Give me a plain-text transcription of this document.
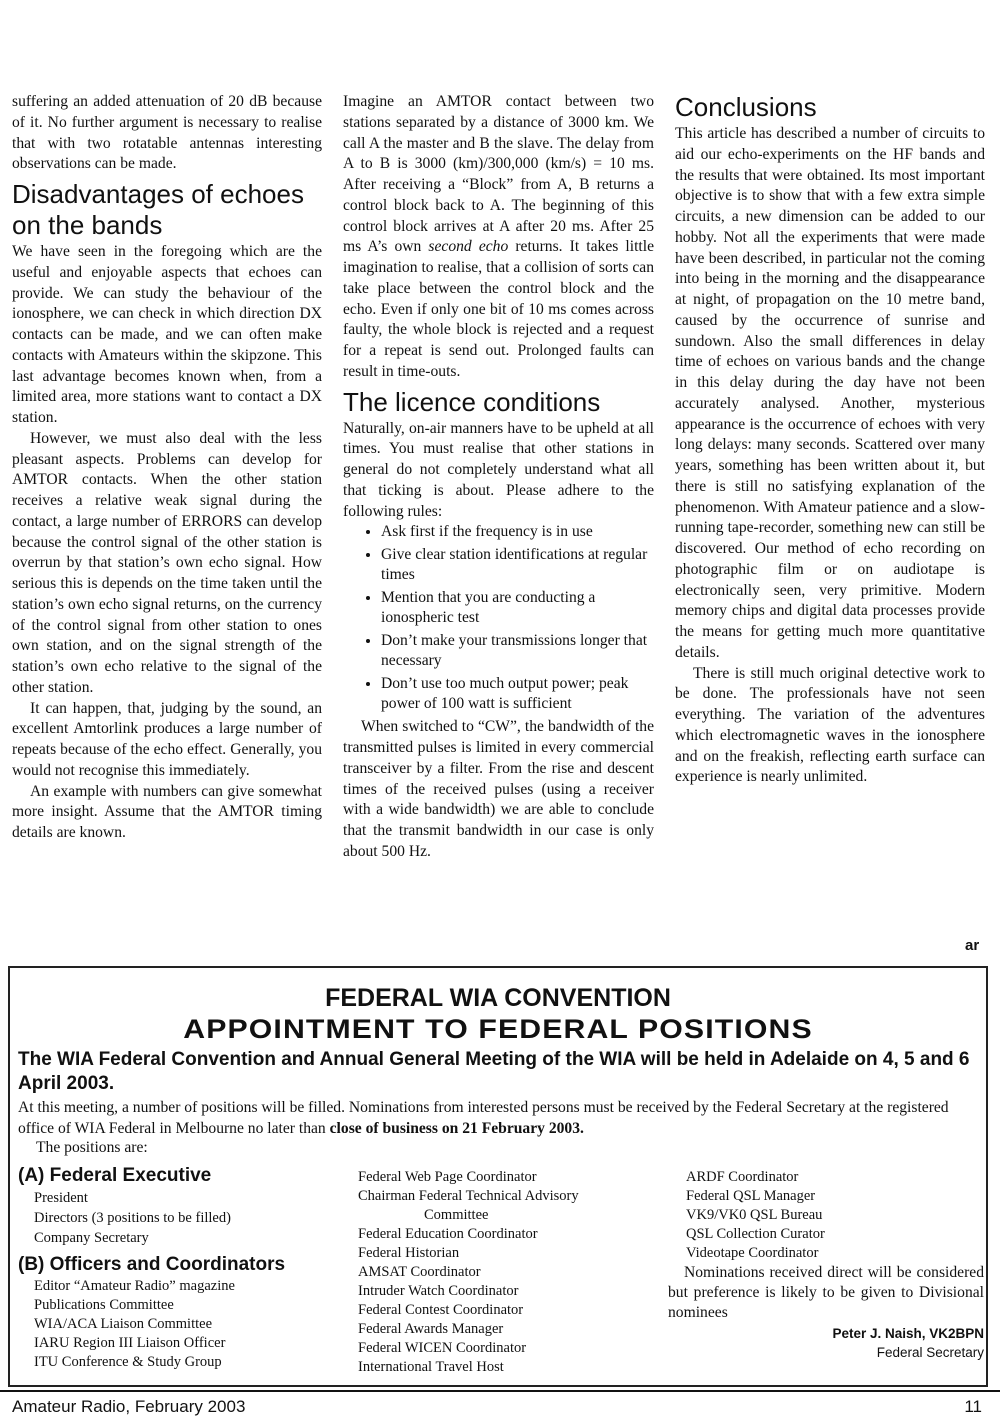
suffering an added attenuation of 20 dB because of it. No further argument is necessary to realise that with two rotatable antennas interesting observations can be made.

Disadvantages of echoes on the bands

We have seen in the foregoing which are the useful and enjoyable aspects that echoes can provide. We can study the behaviour of the ionosphere, we can check in which direction DX contacts can be made, and we can often make contacts with Amateurs within the skipzone. This last advantage becomes known when, from a limited area, more stations want to contact a DX station.

However, we must also deal with the less pleasant aspects. Problems can develop for AMTOR contacts. When the other station receives a relative weak signal during the contact, a large number of ERRORS can develop because the control signal of the other station is overrun by that station’s own echo signal. How serious this is depends on the time taken until the station’s own echo signal returns, on the currency of the control signal from other station to ones own station, and on the signal strength of the station’s own echo relative to the signal of the other station.

It can happen, that, judging by the sound, an excellent Amtorlink produces a large number of repeats because of the echo effect. Generally, you would not recognise this immediately.

An example with numbers can give somewhat more insight. Assume that the AMTOR timing details are known.

Imagine an AMTOR contact between two stations separated by a distance of 3000 km. We call A the master and B the slave. The delay from A to B is 3000 (km)/300,000 (km/s) = 10 ms. After receiving a “Block” from A, B returns a control block back to A. The beginning of this control block arrives at A after 20 ms. After 25 ms A’s own second echo returns. It takes little imagination to realise, that a collision of sorts can take place between the control block and the echo. Even if only one bit of 10 ms comes across faulty, the whole block is rejected and a request for a repeat is send out. Prolonged faults can result in time-outs.

The licence conditions

Naturally, on-air manners have to be upheld at all times. You must realise that other stations in general do not completely understand what all that ticking is about. Please adhere to the following rules:

• Ask first if the frequency is in use
• Give clear station identifications at regular times
• Mention that you are conducting a ionospheric test
• Don’t make your transmissions longer that necessary
• Don’t use too much output power; peak power of 100 watt is sufficient

When switched to “CW”, the bandwidth of the transmitted pulses is limited in every commercial transceiver by a filter. From the rise and descent times of the received pulses (using a receiver with a wide bandwidth) we are able to conclude that the transmit bandwidth in our case is only about 500 Hz.

Conclusions

This article has described a number of circuits to aid our echo-experiments on the HF bands and the results that were obtained. Its most important objective is to show that with a few extra simple circuits, a new dimension can be added to our hobby. Not all the experiments that were made have been described, in particular not the coming into being in the morning and the disappearance at night, of propagation on the 10 metre band, caused by the occurrence of sunrise and sundown. Also the small differences in delay time of echoes on various bands and the change in this delay during the day have not been accurately analysed. Another, mysterious appearance is the occurrence of echoes with very long delays: many seconds. Scattered over many years, something has been written about it, but there is still no satisfying explanation of the phenomenon. With Amateur patience and a slow-running tape-recorder, something new can still be discovered. Our method of echo recording on photographic film or on audiotape is electronically seen, very primitive. Modern memory chips and digital data processes provide the means for getting much more quantitative details.

There is still much original detective work to be done. The professionals have not seen everything. The variation of the adventures which electromagnetic waves in the ionosphere and on the freakish, reflecting earth surface can experience is nearly unlimited.

ar
FEDERAL WIA CONVENTION
APPOINTMENT TO FEDERAL POSITIONS
The WIA Federal Convention and Annual General Meeting of the WIA will be held in Adelaide on 4, 5 and 6 April 2003.
At this meeting, a number of positions will be filled. Nominations from interested persons must be received by the Federal Secretary at the registered office of WIA Federal in Melbourne no later than close of business on 21 February 2003.
The positions are:
(A) Federal Executive
President
Directors (3 positions to be filled)
Company Secretary
(B) Officers and Coordinators
Editor “Amateur Radio” magazine
Publications Committee
WIA/ACA Liaison Committee
IARU Region III Liaison Officer
ITU Conference & Study Group
Federal Web Page Coordinator
Chairman Federal Technical Advisory
Committee
Federal Education Coordinator
Federal Historian
AMSAT Coordinator
Intruder Watch Coordinator
Federal Contest Coordinator
Federal Awards Manager
Federal WICEN Coordinator
International Travel Host
ARDF Coordinator
Federal QSL Manager
VK9/VK0 QSL Bureau
QSL Collection Curator
Videotape Coordinator

Nominations received direct will be considered but preference is likely to be given to Divisional nominees

Peter J. Naish, VK2BPN
Federal Secretary
Amateur Radio, February 2003	11
